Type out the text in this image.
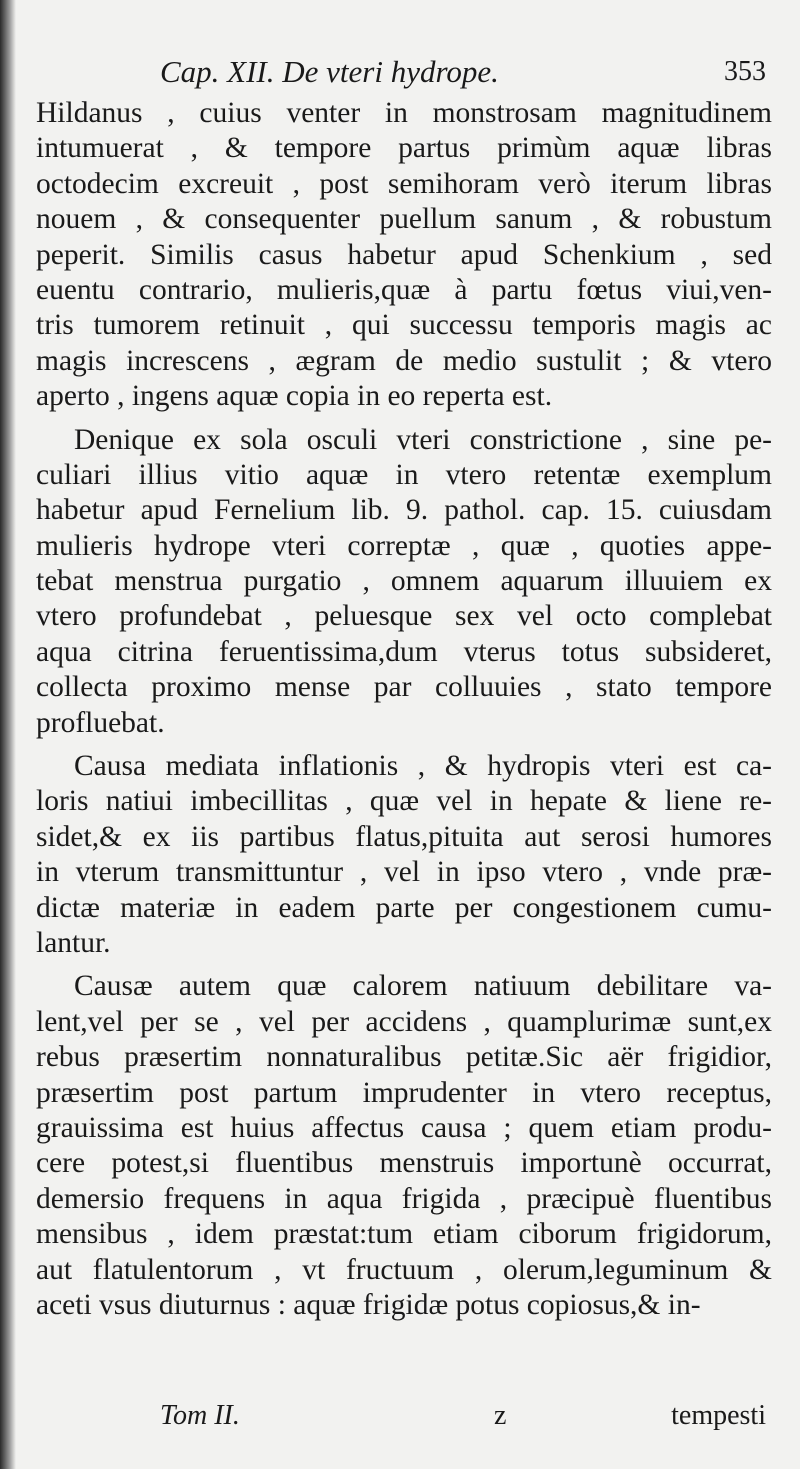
Cap. XII. De vteri hydrope.	353
Hildanus , cuius venter in monstrosam magnitudinem
intumuerat , & tempore partus primùm aquæ libras
octodecim excreuit , post semihoram verò iterum libras
nouem , & consequenter puellum sanum , & robustum
peperit. Similis casus habetur apud Schenkium , sed
euentu contrario, mulieris,quæ à partu fœtus viui,ven-
tris tumorem retinuit , qui successu temporis magis ac
magis increscens , ægram de medio sustulit ; & vtero
aperto , ingens aquæ copia in eo reperta est.
Denique ex sola osculi vteri constrictione , sine pe-
culiari illius vitio aquæ in vtero retentæ exemplum
habetur apud Fernelium lib. 9. pathol. cap. 15. cuiusdam
mulieris hydrope vteri correptæ , quæ , quoties appe-
tebat menstrua purgatio , omnem aquarum illuuiem ex
vtero profundebat , peluesque sex vel octo complebat
aqua citrina feruentissima,dum vterus totus subsideret,
collecta proximo mense par colluuies , stato tempore
profluebat.
Causa mediata inflationis , & hydropis vteri est ca-
loris natiui imbecillitas , quæ vel in hepate & liene re-
sidet,& ex iis partibus flatus,pituita aut serosi humores
in vterum transmittuntur , vel in ipso vtero , vnde præ-
dictæ materiæ in eadem parte per congestionem cumu-
lantur.
Causæ autem quæ calorem natiuum debilitare va-
lent,vel per se , vel per accidens , quamplurimæ sunt,ex
rebus præsertim nonnaturalibus petitæ.Sic aër frigidior,
præsertim post partum imprudenter in vtero receptus,
grauissima est huius affectus causa ; quem etiam produ-
cere potest,si fluentibus menstruis importunè occurrat,
demersio frequens in aqua frigida , præcipuè fluentibus
mensibus , idem præstat:tum etiam ciborum frigidorum,
aut flatulentorum , vt fructuum , olerum,leguminum &
aceti vsus diuturnus : aquæ frigidæ potus copiosus,& in-
Tom II.	z	tempesti
